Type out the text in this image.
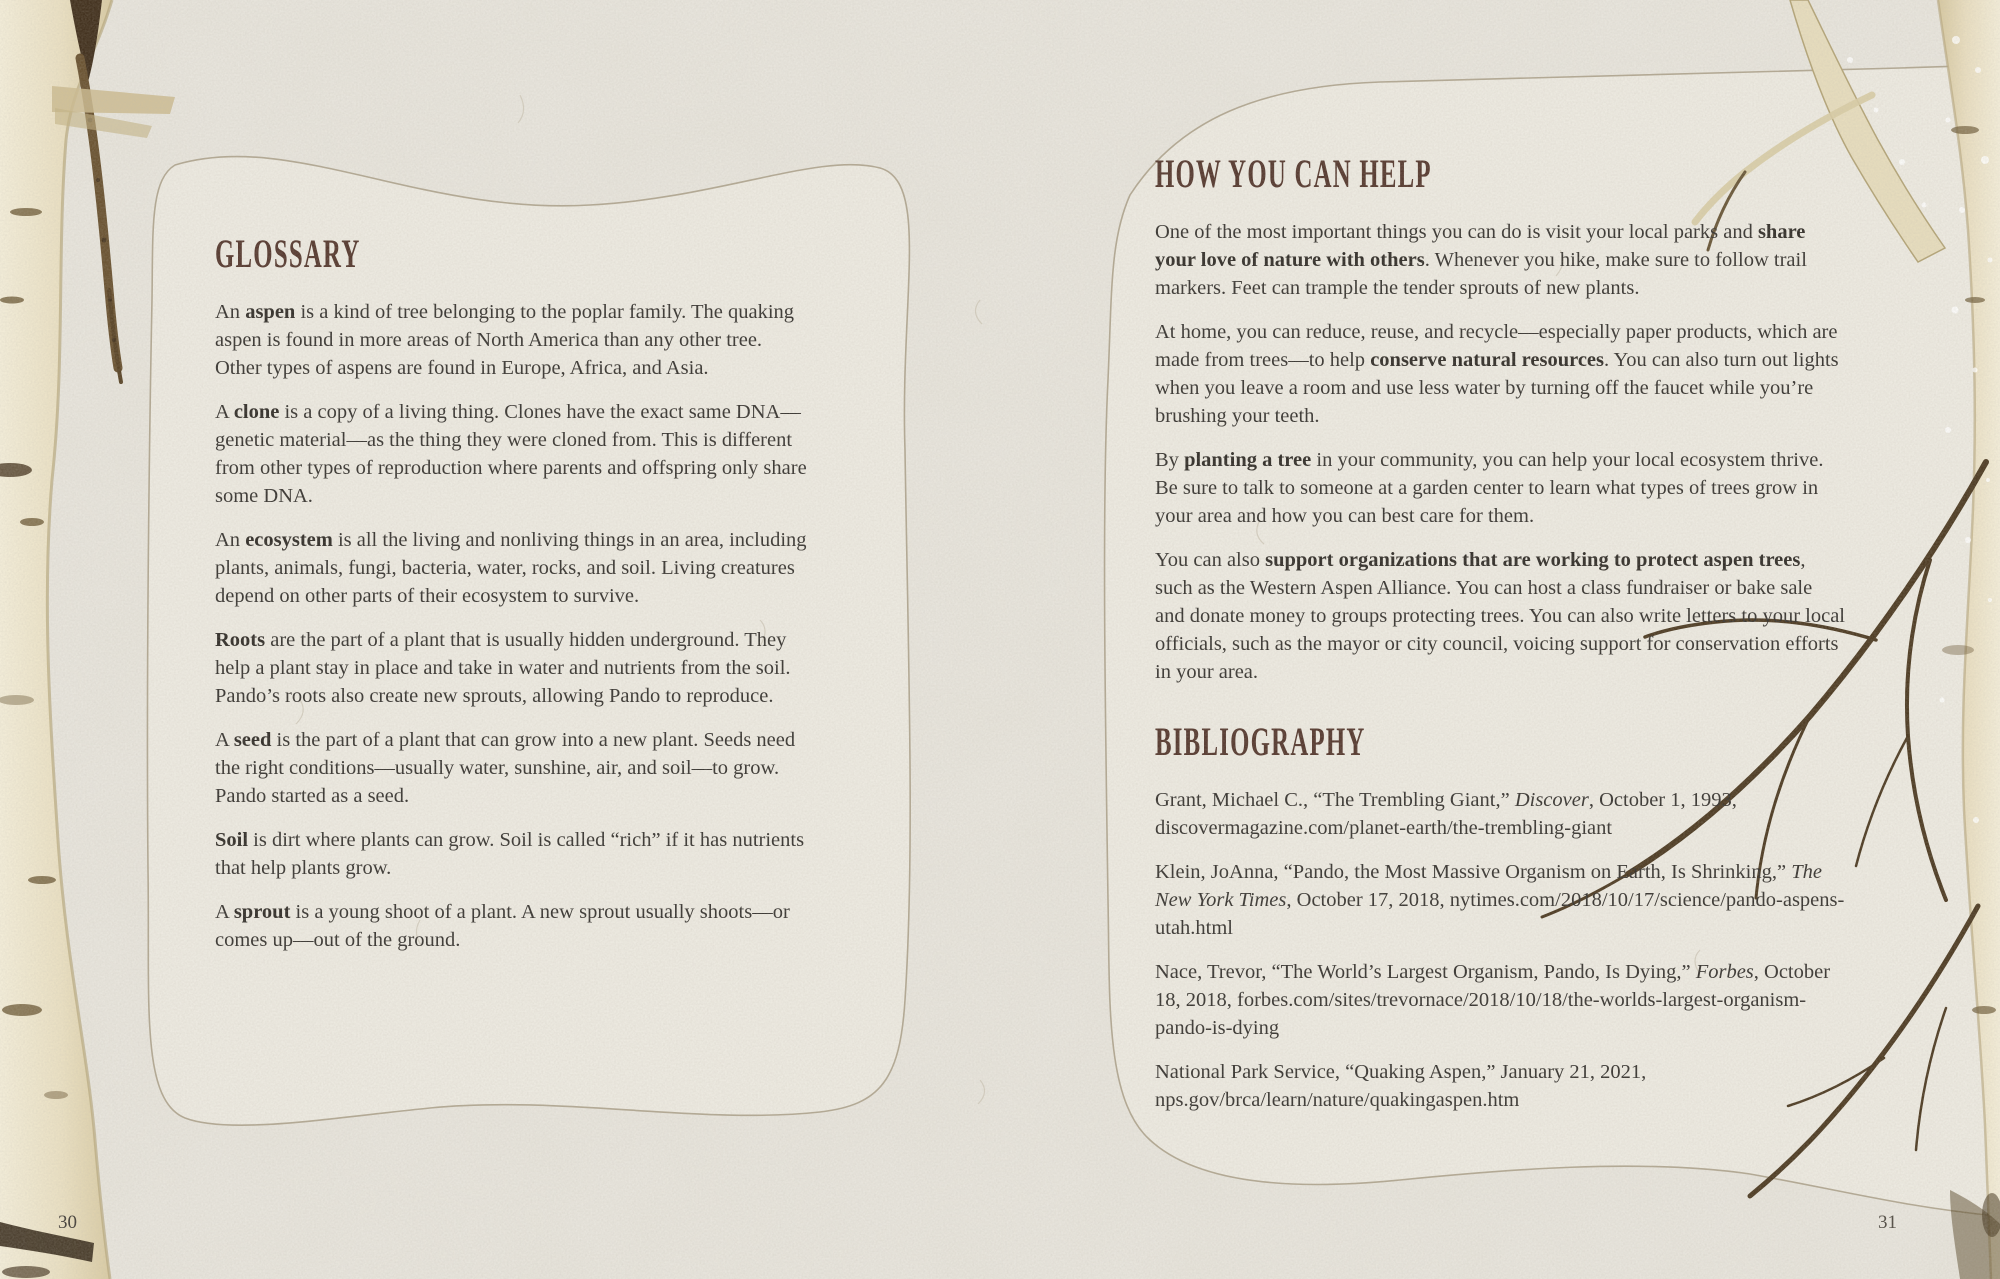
GLOSSARY

An aspen is a kind of tree belonging to the poplar family. The quaking aspen is found in more areas of North America than any other tree. Other types of aspens are found in Europe, Africa, and Asia.

A clone is a copy of a living thing. Clones have the exact same DNA—genetic material—as the thing they were cloned from. This is different from other types of reproduction where parents and offspring only share some DNA.

An ecosystem is all the living and nonliving things in an area, including plants, animals, fungi, bacteria, water, rocks, and soil. Living creatures depend on other parts of their ecosystem to survive.

Roots are the part of a plant that is usually hidden underground. They help a plant stay in place and take in water and nutrients from the soil. Pando’s roots also create new sprouts, allowing Pando to reproduce.

A seed is the part of a plant that can grow into a new plant. Seeds need the right conditions—usually water, sunshine, air, and soil—to grow. Pando started as a seed.

Soil is dirt where plants can grow. Soil is called “rich” if it has nutrients that help plants grow.

A sprout is a young shoot of a plant. A new sprout usually shoots—or comes up—out of the ground.

HOW YOU CAN HELP

One of the most important things you can do is visit your local parks and share your love of nature with others. Whenever you hike, make sure to follow trail markers. Feet can trample the tender sprouts of new plants.

At home, you can reduce, reuse, and recycle—especially paper products, which are made from trees—to help conserve natural resources. You can also turn out lights when you leave a room and use less water by turning off the faucet while you’re brushing your teeth.

By planting a tree in your community, you can help your local ecosystem thrive. Be sure to talk to someone at a garden center to learn what types of trees grow in your area and how you can best care for them.

You can also support organizations that are working to protect aspen trees, such as the Western Aspen Alliance. You can host a class fundraiser or bake sale and donate money to groups protecting trees. You can also write letters to your local officials, such as the mayor or city council, voicing support for conservation efforts in your area.

BIBLIOGRAPHY

Grant, Michael C., “The Trembling Giant,” Discover, October 1, 1993, discovermagazine.com/planet-earth/the-trembling-giant

Klein, JoAnna, “Pando, the Most Massive Organism on Earth, Is Shrinking,” The New York Times, October 17, 2018, nytimes.com/2018/10/17/science/pando-aspens-utah.html

Nace, Trevor, “The World’s Largest Organism, Pando, Is Dying,” Forbes, October 18, 2018, forbes.com/sites/trevornace/2018/10/18/the-worlds-largest-organism-pando-is-dying

National Park Service, “Quaking Aspen,” January 21, 2021, nps.gov/brca/learn/nature/quakingaspen.htm

30	31
